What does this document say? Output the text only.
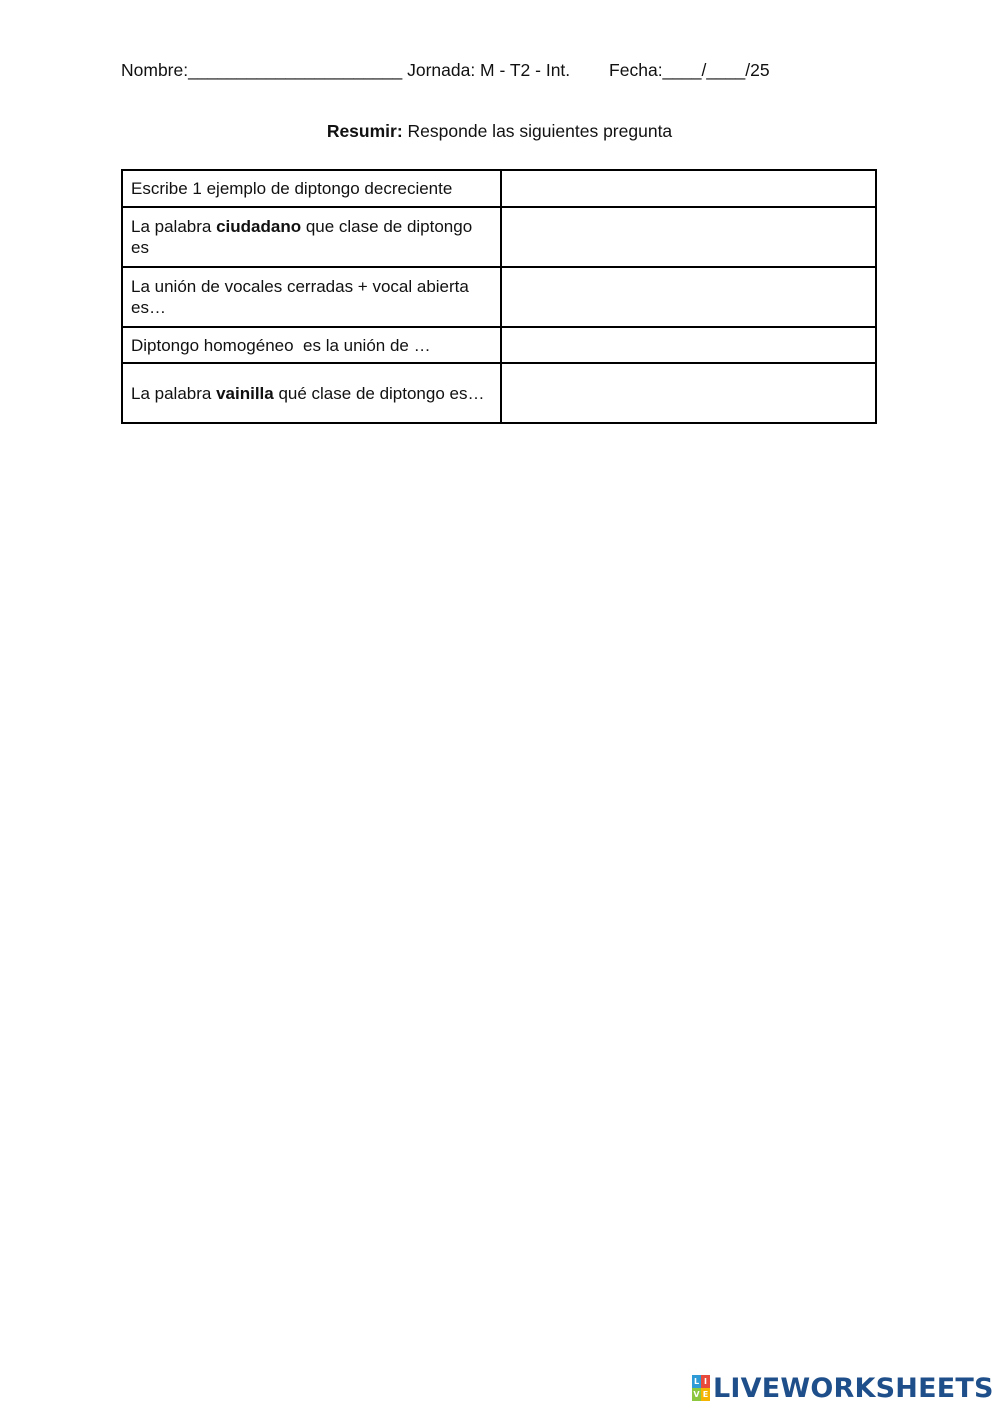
Nombre:______________________ Jornada: M - T2 - Int.        Fecha:____/____/25
Resumir: Responde las siguientes pregunta
Escribe 1 ejemplo de diptongo decreciente	
La palabra ciudadano que clase de diptongo es	
La unión de vocales cerradas + vocal abierta es…	
Diptongo homogéneo  es la unión de …	
La palabra vainilla qué clase de diptongo es…	
L I
V E LIVEWORKSHEETS
